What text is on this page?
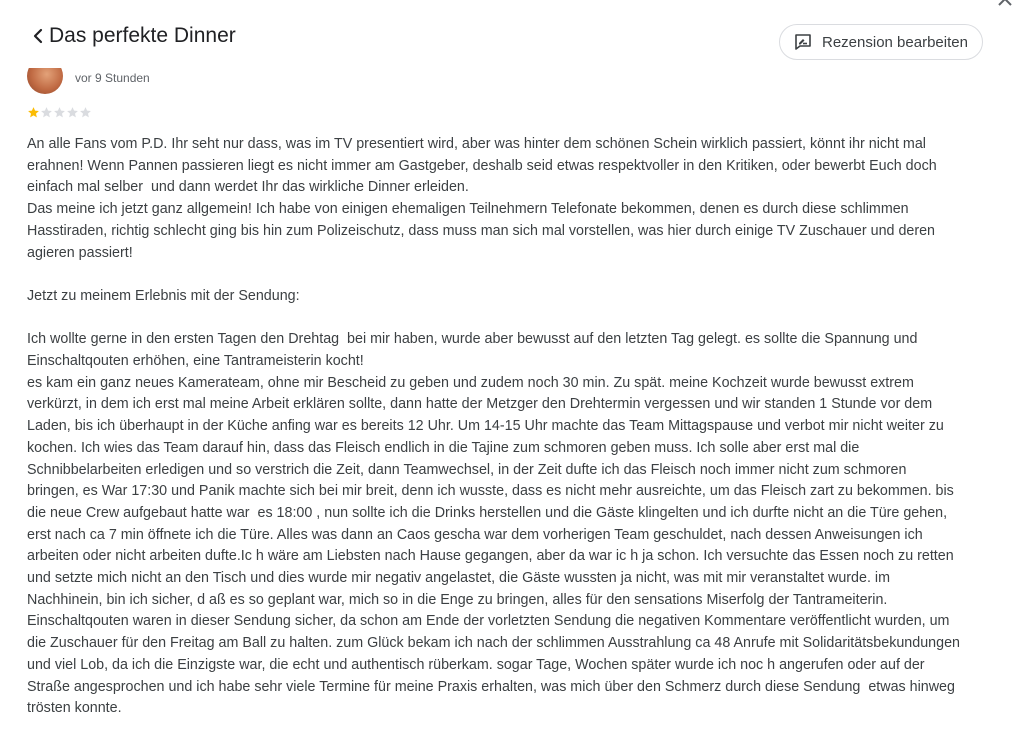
Das perfekte Dinner	Rezension bearbeiten
vor 9 Stunden

An alle Fans vom P.D. Ihr seht nur dass, was im TV presentiert wird, aber was hinter dem schönen Schein wirklich passiert, könnt ihr nicht mal erahnen! Wenn Pannen passieren liegt es nicht immer am Gastgeber, deshalb seid etwas respektvoller in den Kritiken, oder bewerbt Euch doch einfach mal selber  und dann werdet Ihr das wirkliche Dinner erleiden.
Das meine ich jetzt ganz allgemein! Ich habe von einigen ehemaligen Teilnehmern Telefonate bekommen, denen es durch diese schlimmen Hasstiraden, richtig schlecht ging bis hin zum Polizeischutz, dass muss man sich mal vorstellen, was hier durch einige TV Zuschauer und deren agieren passiert!

Jetzt zu meinem Erlebnis mit der Sendung:

Ich wollte gerne in den ersten Tagen den Drehtag  bei mir haben, wurde aber bewusst auf den letzten Tag gelegt. es sollte die Spannung und Einschaltqouten erhöhen, eine Tantrameisterin kocht!
es kam ein ganz neues Kamerateam, ohne mir Bescheid zu geben und zudem noch 30 min. Zu spät. meine Kochzeit wurde bewusst extrem verkürzt, in dem ich erst mal meine Arbeit erklären sollte, dann hatte der Metzger den Drehtermin vergessen und wir standen 1 Stunde vor dem Laden, bis ich überhaupt in der Küche anfing war es bereits 12 Uhr. Um 14-15 Uhr machte das Team Mittagspause und verbot mir nicht weiter zu kochen. Ich wies das Team darauf hin, dass das Fleisch endlich in die Tajine zum schmoren geben muss. Ich solle aber erst mal die Schnibbelarbeiten erledigen und so verstrich die Zeit, dann Teamwechsel, in der Zeit dufte ich das Fleisch noch immer nicht zum schmoren bringen, es War 17:30 und Panik machte sich bei mir breit, denn ich wusste, dass es nicht mehr ausreichte, um das Fleisch zart zu bekommen. bis die neue Crew aufgebaut hatte war  es 18:00 , nun sollte ich die Drinks herstellen und die Gäste klingelten und ich durfte nicht an die Türe gehen, erst nach ca 7 min öffnete ich die Türe. Alles was dann an Caos gescha war dem vorherigen Team geschuldet, nach dessen Anweisungen ich arbeiten oder nicht arbeiten dufte.Ic h wäre am Liebsten nach Hause gegangen, aber da war ic h ja schon. Ich versuchte das Essen noch zu retten und setzte mich nicht an den Tisch und dies wurde mir negativ angelastet, die Gäste wussten ja nicht, was mit mir veranstaltet wurde. im Nachhinein, bin ich sicher, d aß es so geplant war, mich so in die Enge zu bringen, alles für den sensations Miserfolg der Tantrameiterin. Einschaltqouten waren in dieser Sendung sicher, da schon am Ende der vorletzten Sendung die negativen Kommentare veröffentlicht wurden, um die Zuschauer für den Freitag am Ball zu halten. zum Glück bekam ich nach der schlimmen Ausstrahlung ca 48 Anrufe mit Solidaritätsbekundungen und viel Lob, da ich die Einzigste war, die echt und authentisch rüberkam. sogar Tage, Wochen später wurde ich noc h angerufen oder auf der Straße angesprochen und ich habe sehr viele Termine für meine Praxis erhalten, was mich über den Schmerz durch diese Sendung  etwas hinweg trösten konnte.
